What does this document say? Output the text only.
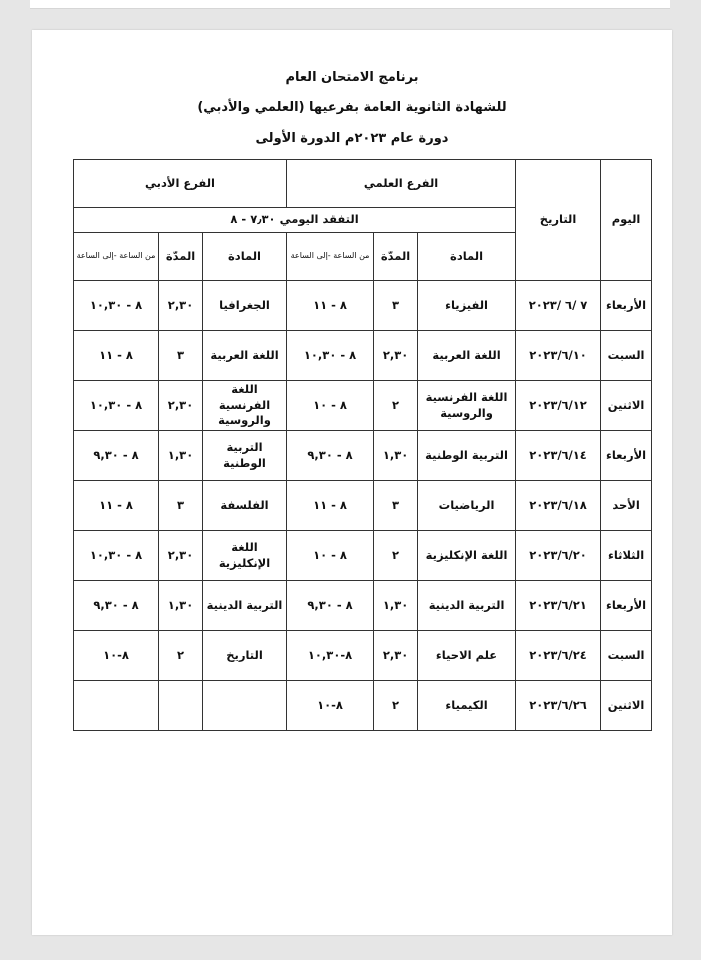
برنامج الامتحان العام
للشهادة الثانوية العامة بفرعيها (العلمي والأدبي)
دورة عام ٢٠٢٣م الدورة الأولى
اليوم	التاريخ	الفرع العلمي			الفرع الأدبي		
		التفقد اليومي ٧٫٣٠ - ٨					
		المادة	المدّة	من الساعة -إلى الساعة	المادة	المدّة	من الساعة -إلى الساعة
الأربعاء	٧ /٦ /٢٠٢٣	الفيزياء	٣	٨ - ١١	الجغرافيا	٢,٣٠	٨ - ١٠,٣٠
السبت	٢٠٢٣/٦/١٠	اللغة العربية	٢,٣٠	٨ - ١٠,٣٠	اللغة العربية	٣	٨ - ١١
الاثنين	٢٠٢٣/٦/١٢	اللغة الفرنسية والروسية	٢	٨ - ١٠	اللغة الفرنسية والروسية	٢,٣٠	٨ - ١٠,٣٠
الأربعاء	٢٠٢٣/٦/١٤	التربية الوطنية	١,٣٠	٨ - ٩,٣٠	التربية الوطنية	١,٣٠	٨ - ٩,٣٠
الأحد	٢٠٢٣/٦/١٨	الرياضيات	٣	٨ - ١١	الفلسفة	٣	٨ - ١١
الثلاثاء	٢٠٢٣/٦/٢٠	اللغة الإنكليزية	٢	٨ - ١٠	اللغة الإنكليزية	٢,٣٠	٨ - ١٠,٣٠
الأربعاء	٢٠٢٣/٦/٢١	التربية الدينية	١,٣٠	٨ - ٩,٣٠	التربية الدينية	١,٣٠	٨ - ٩,٣٠
السبت	٢٠٢٣/٦/٢٤	علم الاحياء	٢,٣٠	٨-١٠,٣٠	التاريخ	٢	٨-١٠
الاثنين	٢٠٢٣/٦/٢٦	الكيمياء	٢	٨-١٠			
